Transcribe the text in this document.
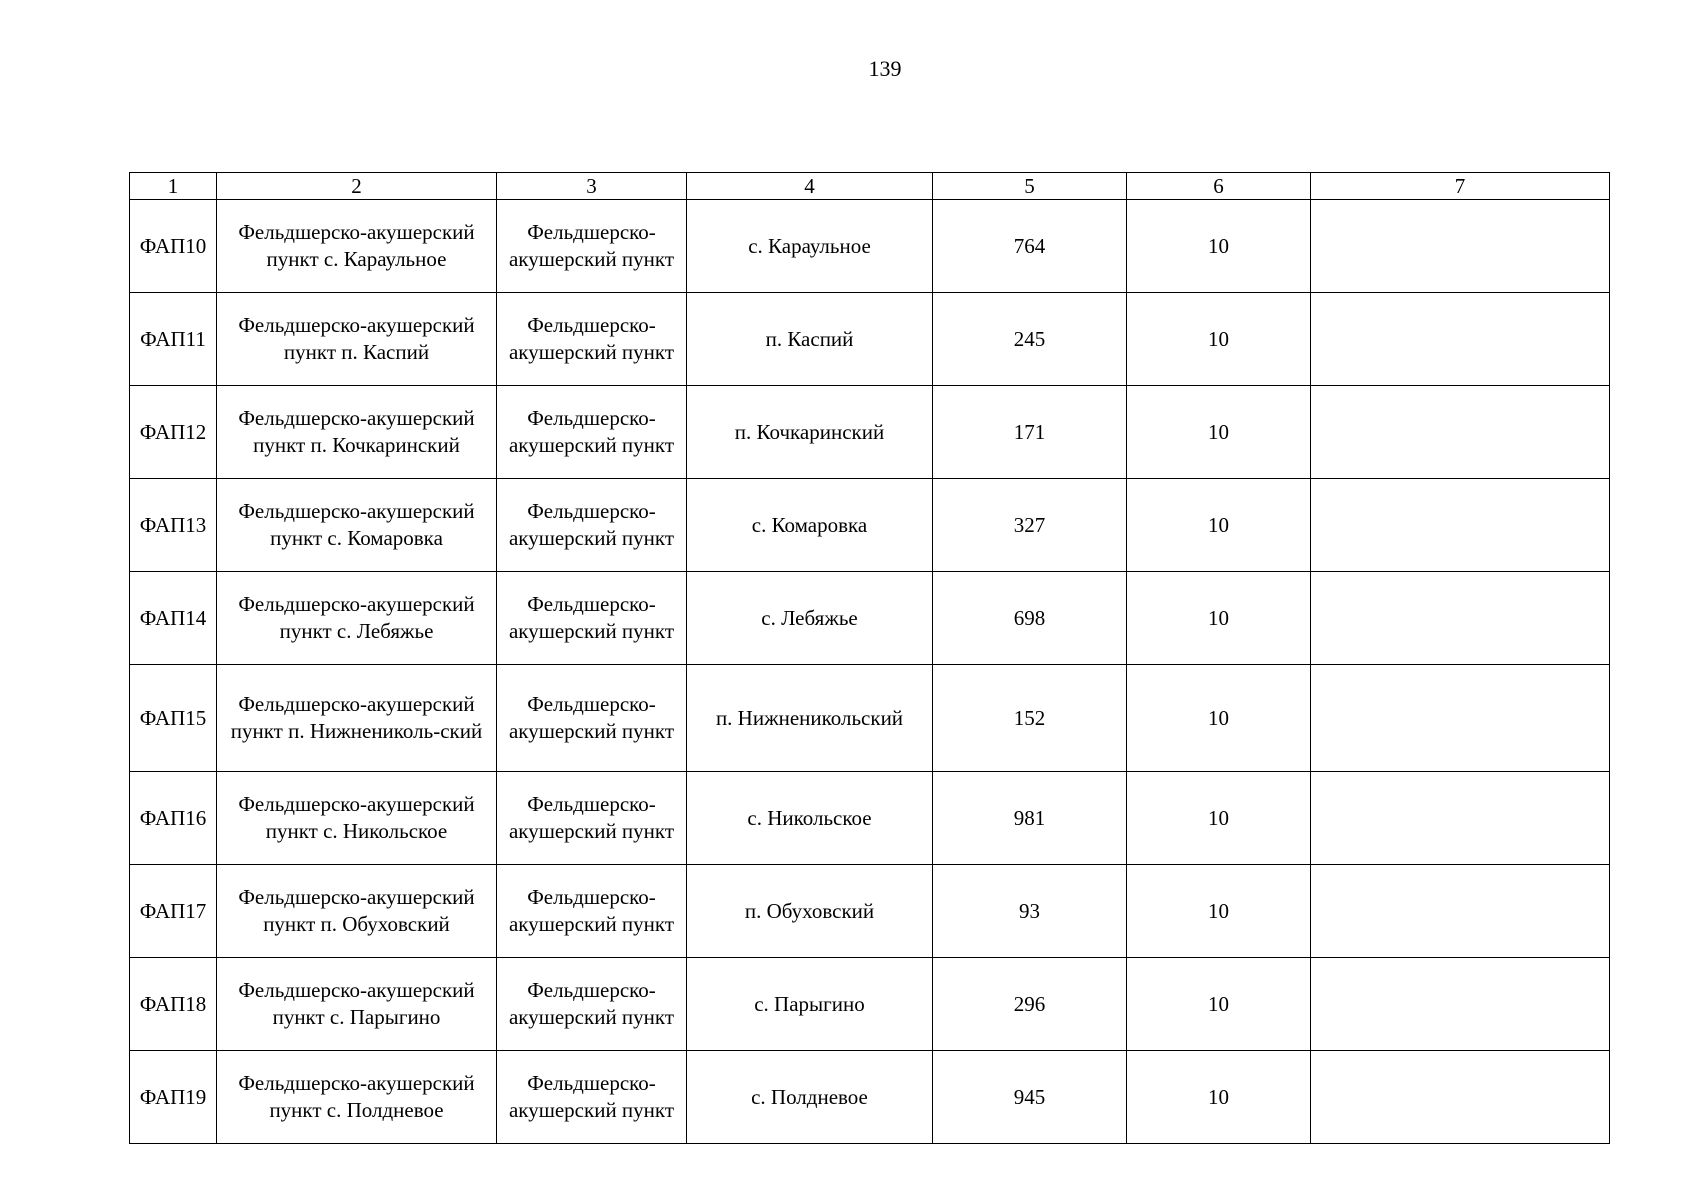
139
1	2	3	4	5	6	7
ФАП10	Фельдшерско-акушерский пункт с. Караульное	Фельдшерско-акушерский пункт	с. Караульное	764	10	
ФАП11	Фельдшерско-акушерский пункт п. Каспий	Фельдшерско-акушерский пункт	п. Каспий	245	10	
ФАП12	Фельдшерско-акушерский пункт п. Кочкаринский	Фельдшерско-акушерский пункт	п. Кочкаринский	171	10	
ФАП13	Фельдшерско-акушерский пункт с. Комаровка	Фельдшерско-акушерский пункт	с. Комаровка	327	10	
ФАП14	Фельдшерско-акушерский пункт с. Лебяжье	Фельдшерско-акушерский пункт	с. Лебяжье	698	10	
ФАП15	Фельдшерско-акушерский пункт п. Нижнениколь-ский	Фельдшерско-акушерский пункт	п. Нижненикольский	152	10	
ФАП16	Фельдшерско-акушерский пункт с. Никольское	Фельдшерско-акушерский пункт	с. Никольское	981	10	
ФАП17	Фельдшерско-акушерский пункт п. Обуховский	Фельдшерско-акушерский пункт	п. Обуховский	93	10	
ФАП18	Фельдшерско-акушерский пункт с. Парыгино	Фельдшерско-акушерский пункт	с. Парыгино	296	10	
ФАП19	Фельдшерско-акушерский пункт с. Полдневое	Фельдшерско-акушерский пункт	с. Полдневое	945	10	
